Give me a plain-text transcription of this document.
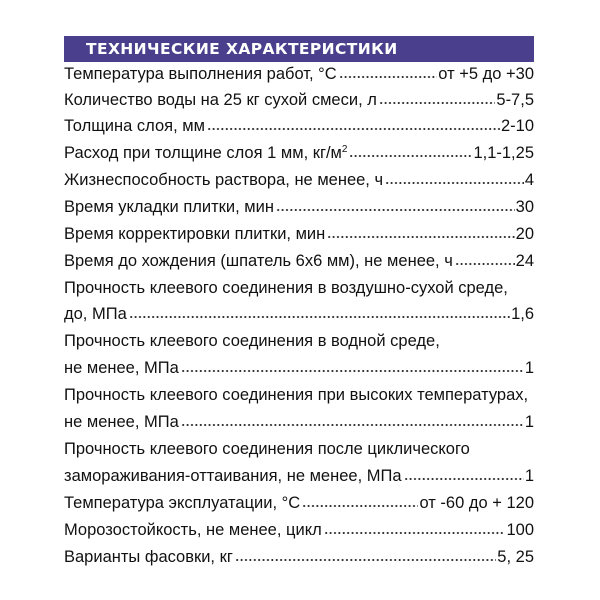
ТЕХНИЧЕСКИЕ ХАРАКТЕРИСТИКИ
Температура выполнения работ, °C	от +5 до +30
Количество воды на 25 кг сухой смеси, л	5-7,5
Толщина слоя, мм	2-10
Расход при толщине слоя 1 мм, $кг/м^2$	1,1-1,25
Жизнеспособность раствора, не менее, ч	4
Время укладки плитки, мин	30
Время корректировки плитки, мин	20
Время до хождения (шпатель 6х6 мм), не менее, ч	24
Прочность клеевого соединения в воздушно-сухой среде,
до, МПа	1,6
Прочность клеевого соединения в водной среде,
не менее, МПа	1
Прочность клеевого соединения при высоких температурах,
не менее, МПа	1
Прочность клеевого соединения после циклического
замораживания-оттаивания, не менее, МПа	1
Температура эксплуатации, °C	от -60 до + 120
Морозостойкость, не менее, цикл	100
Варианты фасовки, кг	5, 25
